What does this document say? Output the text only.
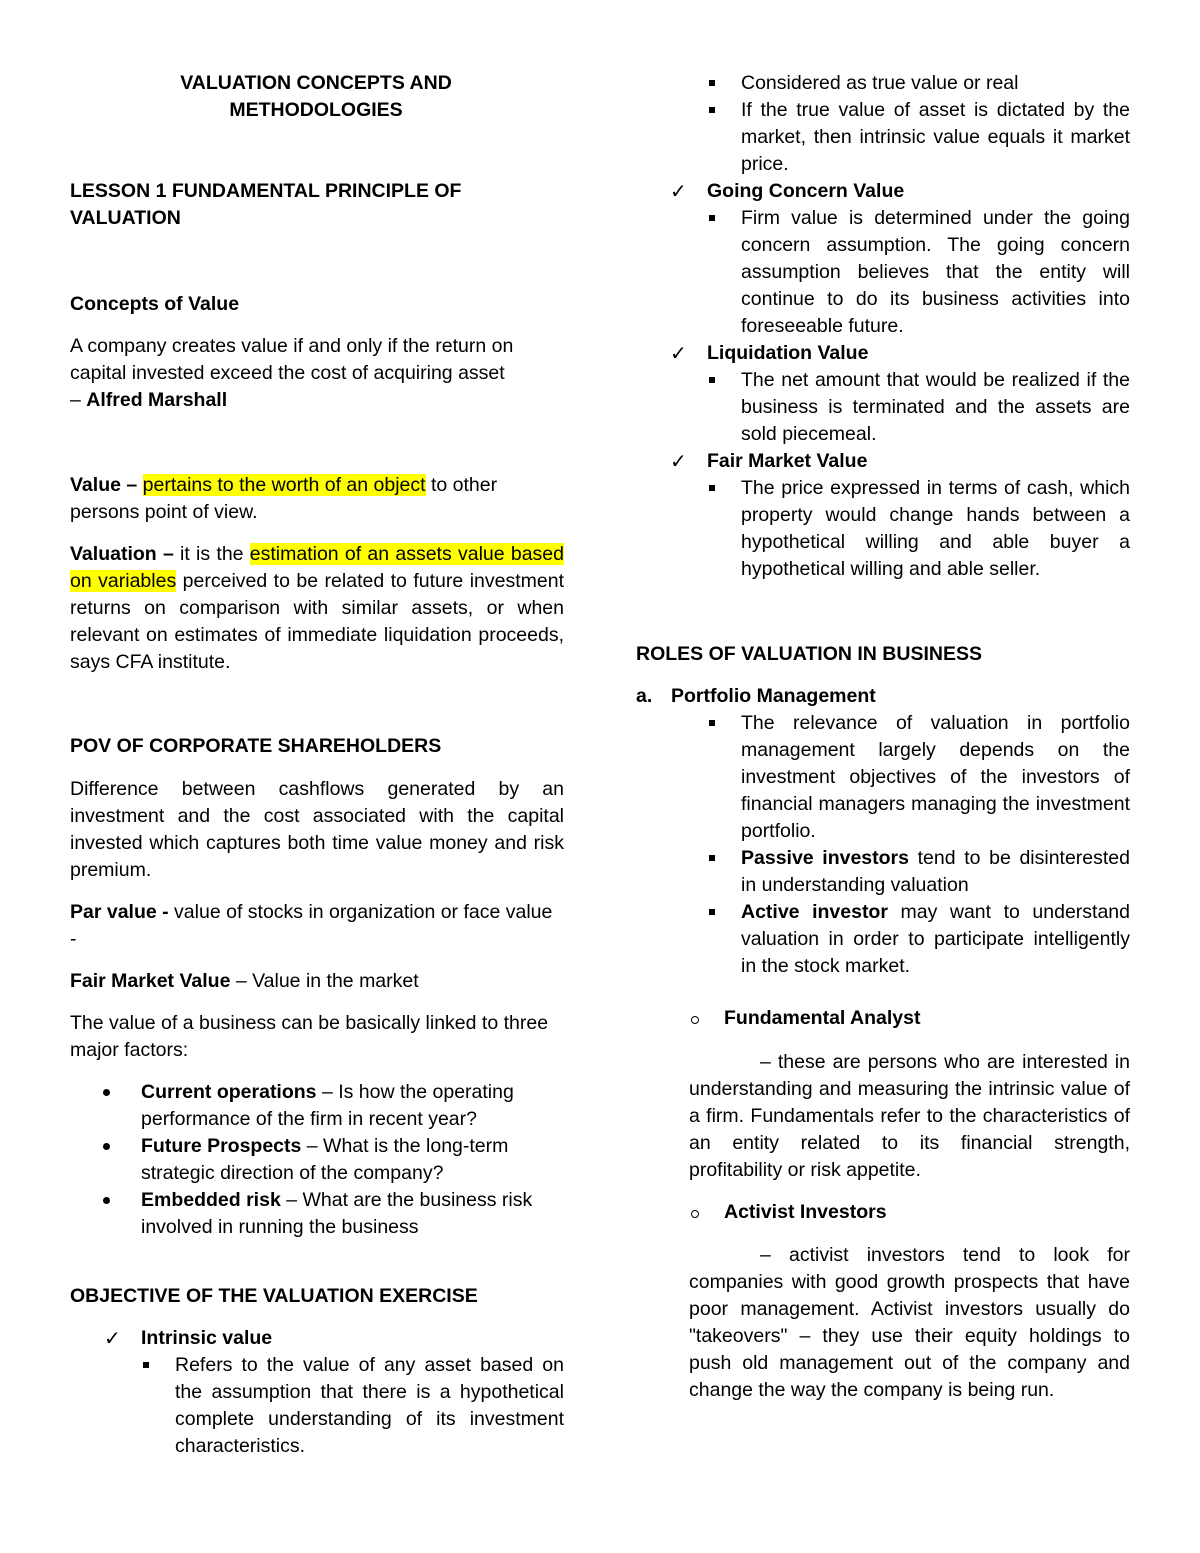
VALUATION CONCEPTS AND
METHODOLOGIES

LESSON 1 FUNDAMENTAL PRINCIPLE OF
VALUATION

Concepts of Value

A company creates value if and only if the return on capital invested exceed the cost of acquiring asset
– Alfred Marshall

Value – pertains to the worth of an object to other persons point of view.

Valuation – it is the estimation of an assets value based on variables perceived to be related to future investment returns on comparison with similar assets, or when relevant on estimates of immediate liquidation proceeds, says CFA institute.

POV OF CORPORATE SHAREHOLDERS

Difference between cashflows generated by an investment and the cost associated with the capital invested which captures both time value money and risk premium.

Par value - value of stocks in organization or face value -

Fair Market Value – Value in the market

The value of a business can be basically linked to three major factors:

Current operations – Is how the operating performance of the firm in recent year?
Future Prospects – What is the long-term strategic direction of the company?
Embedded risk – What are the business risk involved in running the business

OBJECTIVE OF THE VALUATION EXERCISE

✓ Intrinsic value
Refers to the value of any asset based on the assumption that there is a hypothetical complete understanding of its investment characteristics.
Considered as true value or real
If the true value of asset is dictated by the market, then intrinsic value equals it market price.
✓ Going Concern Value
Firm value is determined under the going concern assumption. The going concern assumption believes that the entity will continue to do its business activities into foreseeable future.
✓ Liquidation Value
The net amount that would be realized if the business is terminated and the assets are sold piecemeal.
✓ Fair Market Value
The price expressed in terms of cash, which property would change hands between a hypothetical willing and able buyer a hypothetical willing and able seller.

ROLES OF VALUATION IN BUSINESS

a. Portfolio Management
The relevance of valuation in portfolio management largely depends on the investment objectives of the investors of financial managers managing the investment portfolio.
Passive investors tend to be disinterested in understanding valuation
Active investor may want to understand valuation in order to participate intelligently in the stock market.
Fundamental Analyst

– these are persons who are interested in understanding and measuring the intrinsic value of a firm. Fundamentals refer to the characteristics of an entity related to its financial strength, profitability or risk appetite.

Activist Investors

– activist investors tend to look for companies with good growth prospects that have poor management. Activist investors usually do "takeovers" – they use their equity holdings to push old management out of the company and change the way the company is being run.
